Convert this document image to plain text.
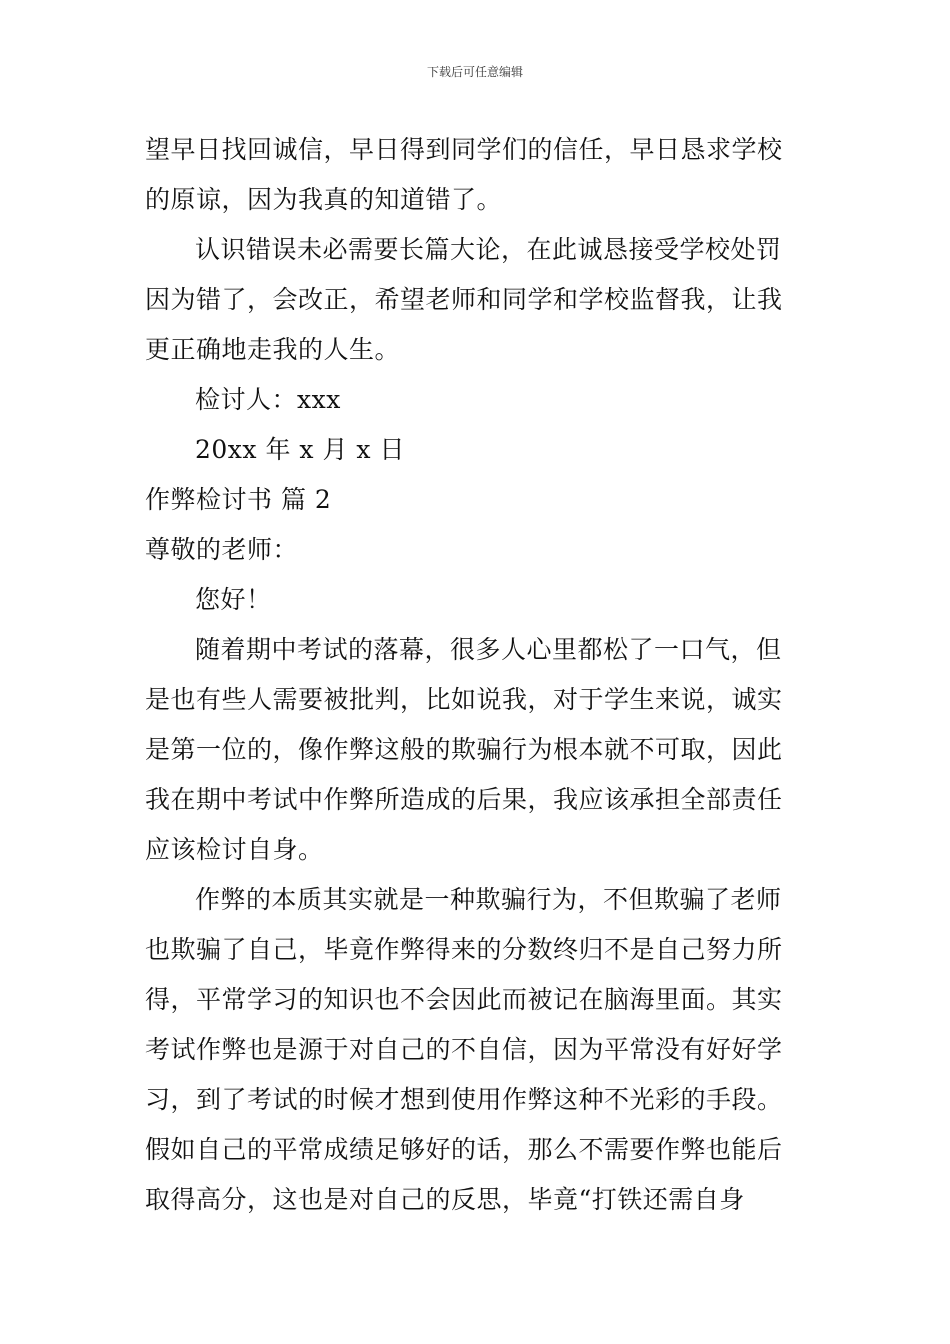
下载后可任意编辑
望早日找回诚信，早日得到同学们的信任，早日恳求学校
的原谅，因为我真的知道错了。
认识错误未必需要长篇大论，在此诚恳接受学校处罚
因为错了，会改正，希望老师和同学和学校监督我，让我
更正确地走我的人生。
检讨人：xxx
20xx 年 x 月 x 日
作弊检讨书 篇 2
尊敬的老师：
您好！
随着期中考试的落幕，很多人心里都松了一口气，但
是也有些人需要被批判，比如说我，对于学生来说，诚实
是第一位的，像作弊这般的欺骗行为根本就不可取，因此
我在期中考试中作弊所造成的后果，我应该承担全部责任
应该检讨自身。
作弊的本质其实就是一种欺骗行为，不但欺骗了老师
也欺骗了自己，毕竟作弊得来的分数终归不是自己努力所
得，平常学习的知识也不会因此而被记在脑海里面。其实
考试作弊也是源于对自己的不自信，因为平常没有好好学
习，到了考试的时候才想到使用作弊这种不光彩的手段。
假如自己的平常成绩足够好的话，那么不需要作弊也能后
取得高分，这也是对自己的反思，毕竟“打铁还需自身
